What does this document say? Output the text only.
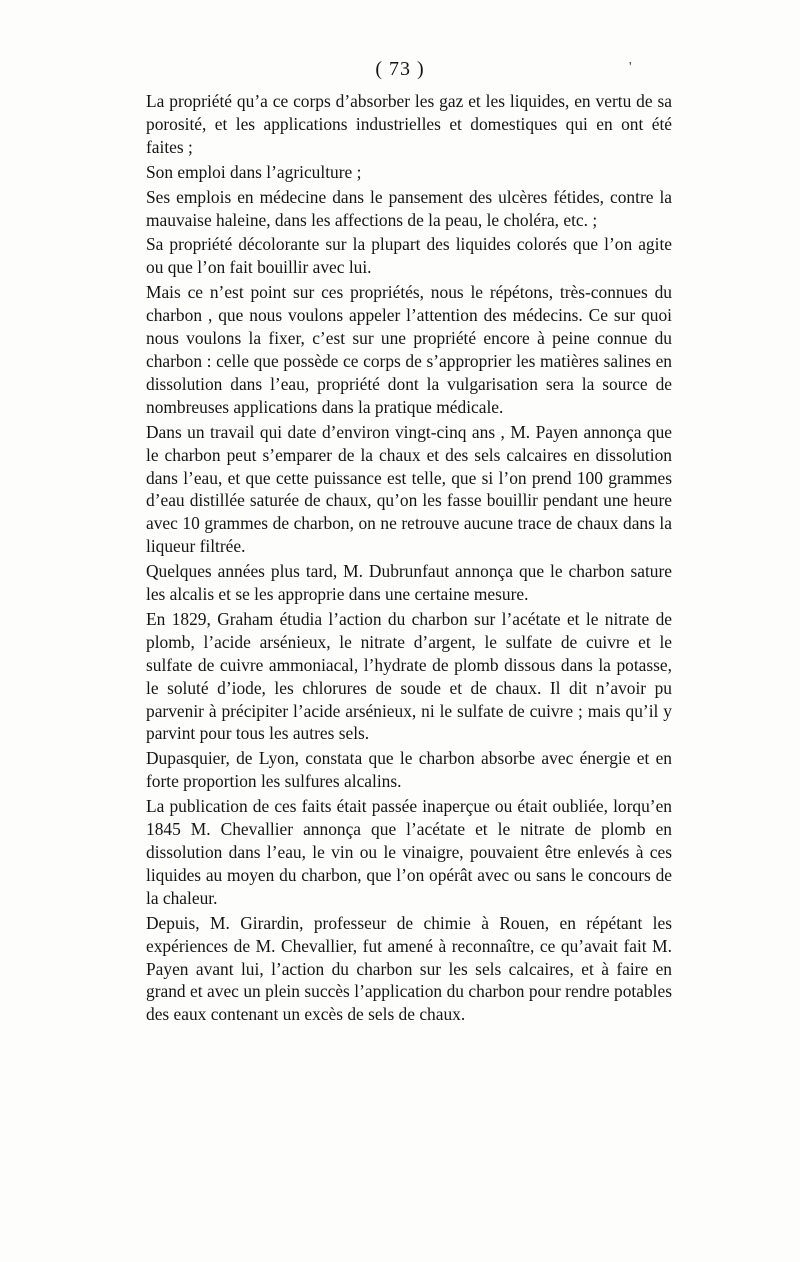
( 73 )	'

La propriété qu’a ce corps d’absorber les gaz et les liquides, en vertu de sa porosité, et les applications industrielles et domestiques qui en ont été faites ;

Son emploi dans l’agriculture ;

Ses emplois en médecine dans le pansement des ulcères fétides, contre la mauvaise haleine, dans les affections de la peau, le choléra, etc. ;

Sa propriété décolorante sur la plupart des liquides colorés que l’on agite ou que l’on fait bouillir avec lui.

Mais ce n’est point sur ces propriétés, nous le répétons, très-connues du charbon , que nous voulons appeler l’attention des médecins. Ce sur quoi nous voulons la fixer, c’est sur une propriété encore à peine connue du charbon : celle que possède ce corps de s’approprier les matières salines en dissolution dans l’eau, propriété dont la vulgarisation sera la source de nombreuses applications dans la pratique médicale.

Dans un travail qui date d’environ vingt-cinq ans , M. Payen annonça que le charbon peut s’emparer de la chaux et des sels calcaires en dissolution dans l’eau, et que cette puissance est telle, que si l’on prend 100 grammes d’eau distillée saturée de chaux, qu’on les fasse bouillir pendant une heure avec 10 grammes de charbon, on ne retrouve aucune trace de chaux dans la liqueur filtrée.

Quelques années plus tard, M. Dubrunfaut annonça que le charbon sature les alcalis et se les approprie dans une certaine mesure.

En 1829, Graham étudia l’action du charbon sur l’acétate et le nitrate de plomb, l’acide arsénieux, le nitrate d’argent, le sulfate de cuivre et le sulfate de cuivre ammoniacal, l’hydrate de plomb dissous dans la potasse, le soluté d’iode, les chlorures de soude et de chaux. Il dit n’avoir pu parvenir à précipiter l’acide arsénieux, ni le sulfate de cuivre ; mais qu’il y parvint pour tous les autres sels.

Dupasquier, de Lyon, constata que le charbon absorbe avec énergie et en forte proportion les sulfures alcalins.

La publication de ces faits était passée inaperçue ou était oubliée, lorqu’en 1845 M. Chevallier annonça que l’acétate et le nitrate de plomb en dissolution dans l’eau, le vin ou le vinaigre, pouvaient être enlevés à ces liquides au moyen du charbon, que l’on opérât avec ou sans le concours de la chaleur.

Depuis, M. Girardin, professeur de chimie à Rouen, en répétant les expériences de M. Chevallier, fut amené à reconnaître, ce qu’avait fait M. Payen avant lui, l’action du charbon sur les sels calcaires, et à faire en grand et avec un plein succès l’application du charbon pour rendre potables des eaux contenant un excès de sels de chaux.
